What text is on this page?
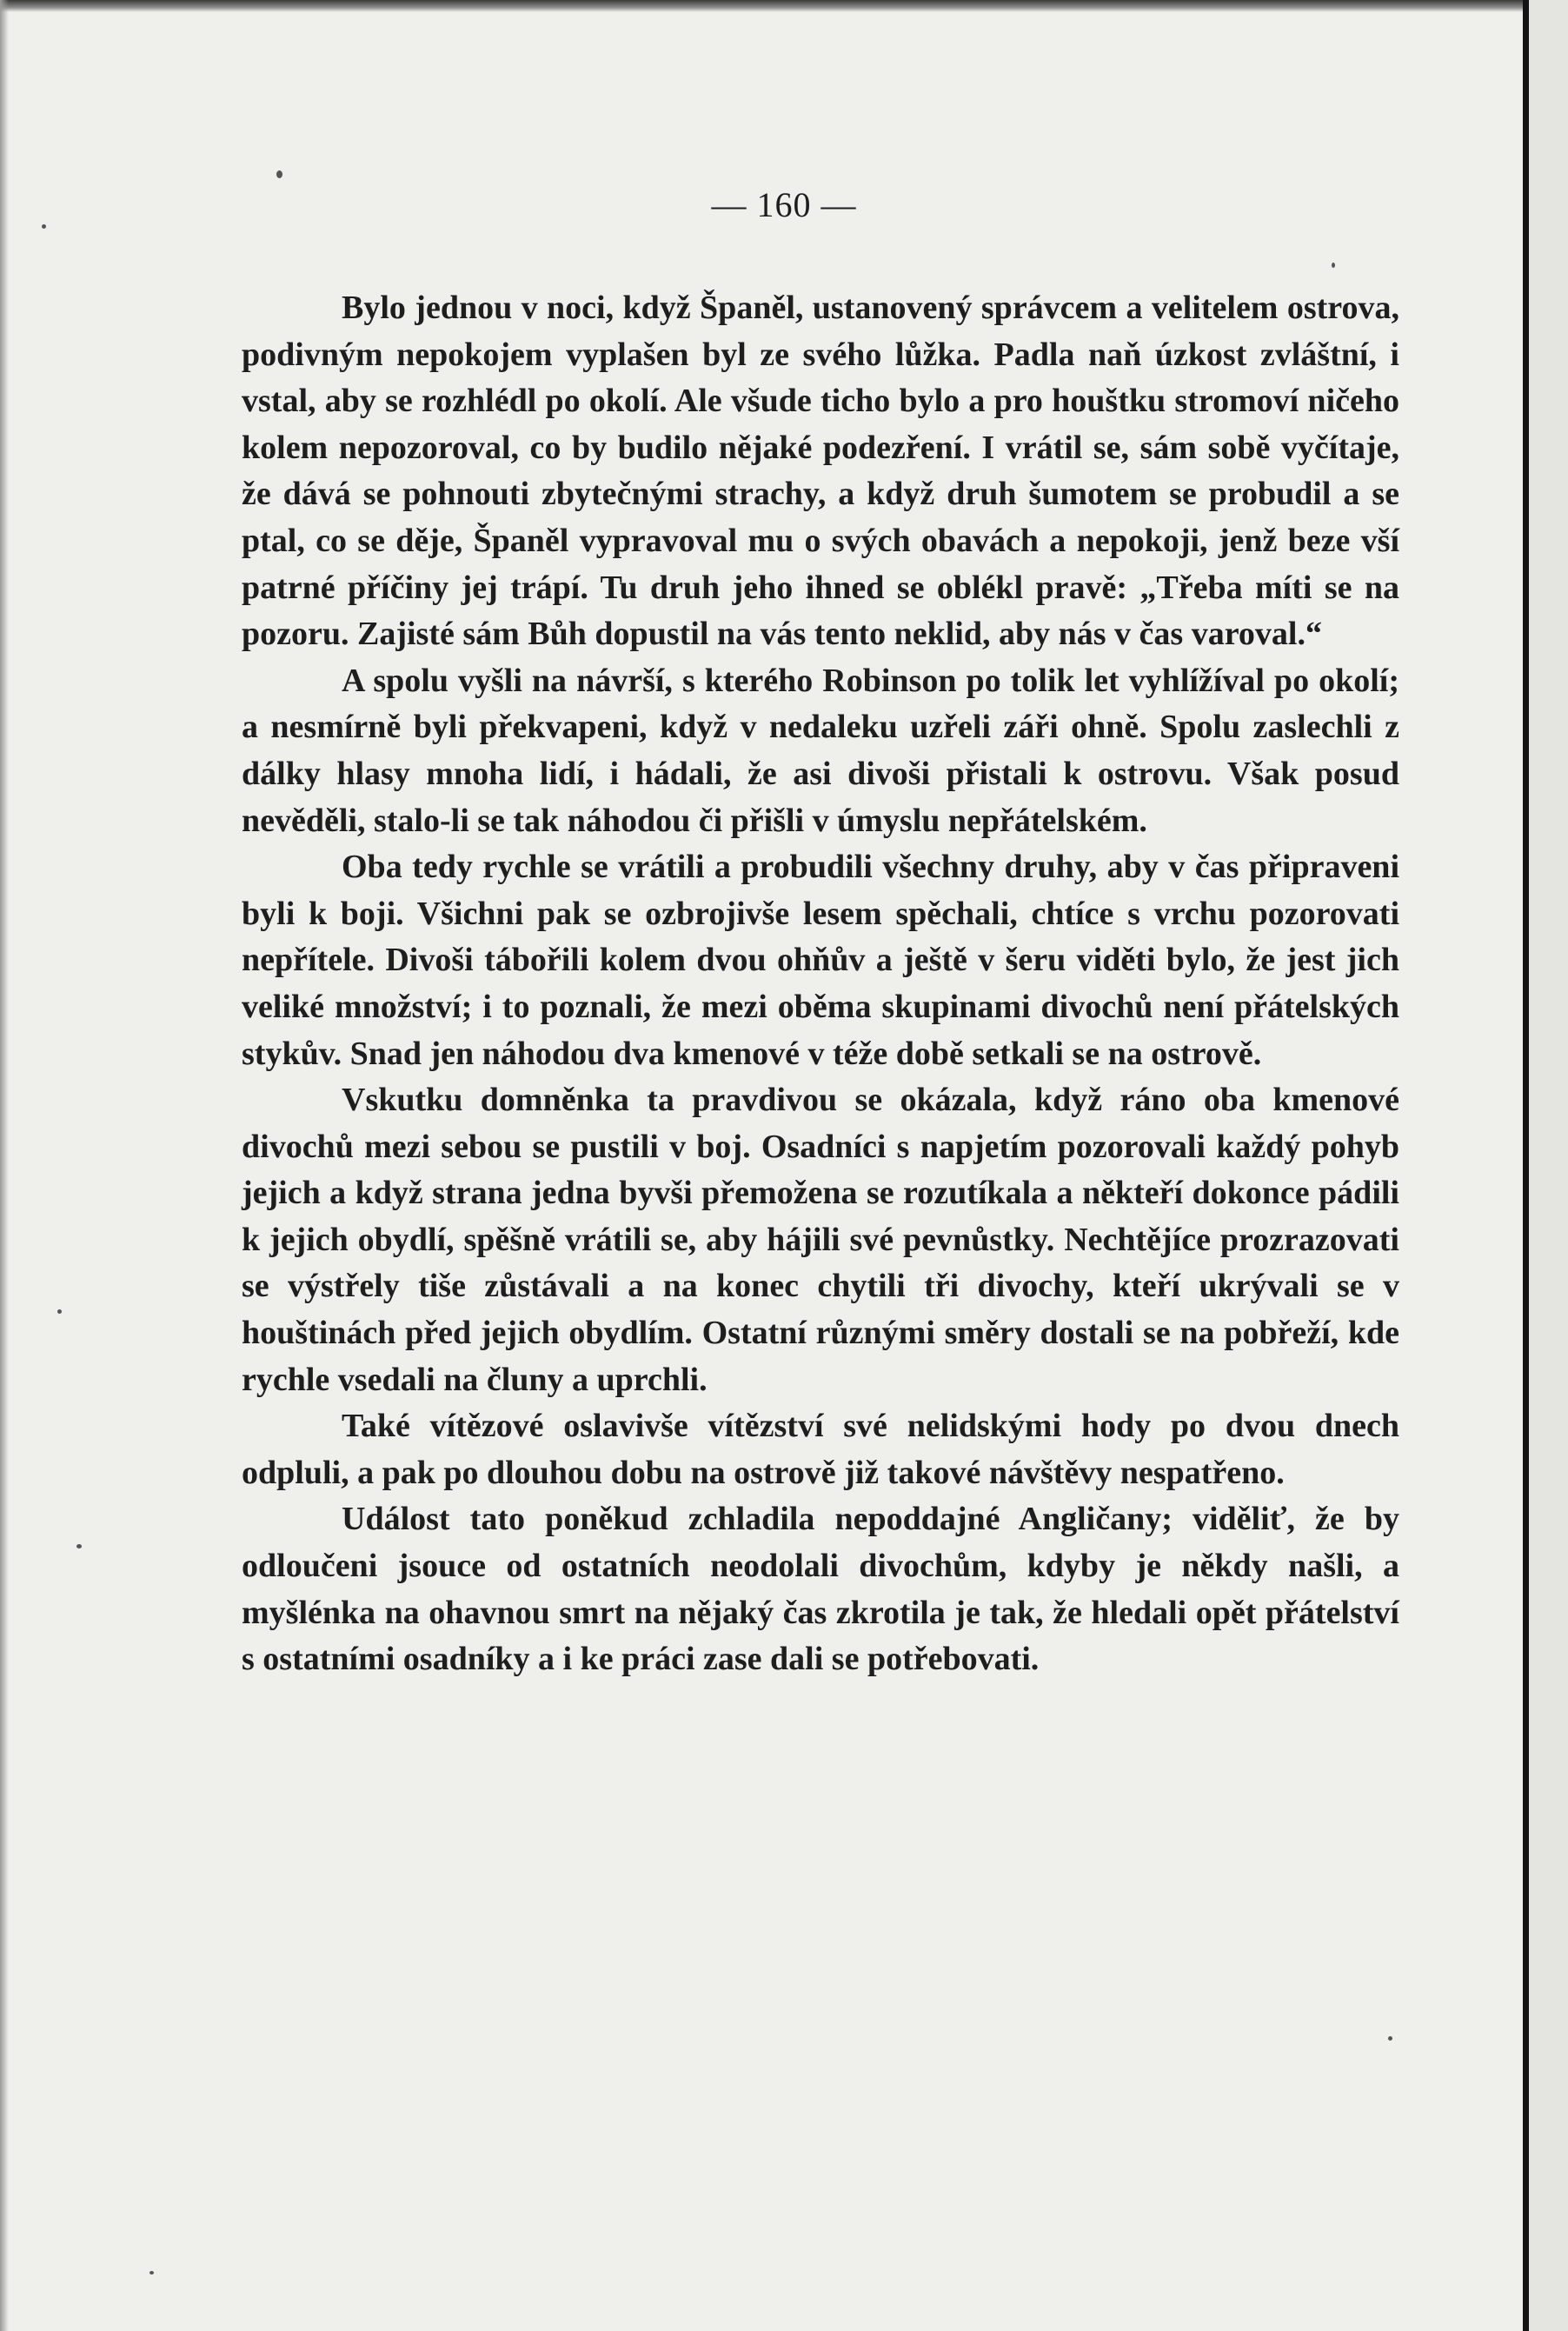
— 160 —

Bylo jednou v noci, když Španěl, ustanovený správcem a velitelem ostrova, podivným nepokojem vyplašen byl ze svého lůžka. Padla naň úzkost zvláštní, i vstal, aby se rozhlédl po okolí. Ale všude ticho bylo a pro houštku stromoví ničeho kolem nepozoroval, co by budilo nějaké podezření. I vrátil se, sám sobě vyčítaje, že dává se pohnouti zbytečnými strachy, a když druh šumotem se probudil a se ptal, co se děje, Španěl vypravoval mu o svých obavách a nepokoji, jenž beze vší patrné příčiny jej trápí. Tu druh jeho ihned se oblékl pravě: „Třeba míti se na pozoru. Zajisté sám Bůh dopustil na vás tento neklid, aby nás v čas varoval.“

A spolu vyšli na návrší, s kterého Robinson po tolik let vyhlížíval po okolí; a nesmírně byli překvapeni, když v nedaleku uzřeli záři ohně. Spolu zaslechli z dálky hlasy mnoha lidí, i hádali, že asi divoši přistali k ostrovu. Však posud nevěděli, stalo-li se tak náhodou či přišli v úmyslu nepřátelském.

Oba tedy rychle se vrátili a probudili všechny druhy, aby v čas připraveni byli k boji. Všichni pak se ozbrojivše lesem spěchali, chtíce s vrchu pozorovati nepřítele. Divoši tábořili kolem dvou ohňův a ještě v šeru viděti bylo, že jest jich veliké množství; i to poznali, že mezi oběma skupinami divochů není přátelských stykův. Snad jen náhodou dva kmenové v téže době setkali se na ostrově.

Vskutku domněnka ta pravdivou se okázala, když ráno oba kmenové divochů mezi sebou se pustili v boj. Osadníci s napjetím pozorovali každý pohyb jejich a když strana jedna byvši přemožena se rozutíkala a někteří dokonce pádili k jejich obydlí, spěšně vrátili se, aby hájili své pevnůstky. Nechtějíce prozrazovati se výstřely tiše zůstávali a na konec chytili tři divochy, kteří ukrývali se v houštinách před jejich obydlím. Ostatní různými směry dostali se na pobřeží, kde rychle vsedali na čluny a uprchli.

Také vítězové oslavivše vítězství své nelidskými hody po dvou dnech odpluli, a pak po dlouhou dobu na ostrově již takové návštěvy nespatřeno.

Událost tato poněkud zchladila nepoddajné Angličany; viděliť, že by odloučeni jsouce od ostatních neodolali divochům, kdyby je někdy našli, a myšlénka na ohavnou smrt na nějaký čas zkrotila je tak, že hledali opět přátelství s ostatními osadníky a i ke práci zase dali se potřebovati.
